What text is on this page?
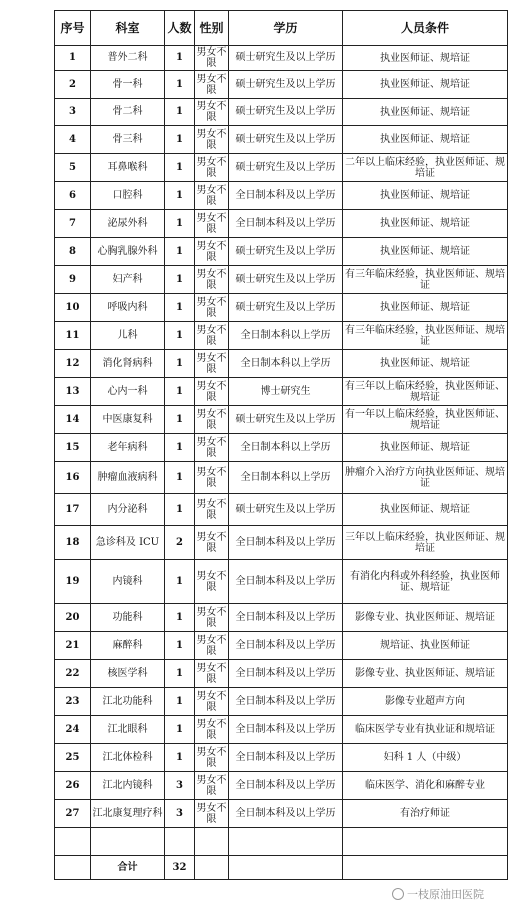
序号	科室	人数	性别	学历	人员条件
1	普外二科	1	男女不限	硕士研究生及以上学历	执业医师证、规培证
2	骨一科	1	男女不限	硕士研究生及以上学历	执业医师证、规培证
3	骨二科	1	男女不限	硕士研究生及以上学历	执业医师证、规培证
4	骨三科	1	男女不限	硕士研究生及以上学历	执业医师证、规培证
5	耳鼻喉科	1	男女不限	硕士研究生及以上学历	二年以上临床经验，执业医师证、规培证
6	口腔科	1	男女不限	全日制本科及以上学历	执业医师证、规培证
7	泌尿外科	1	男女不限	全日制本科及以上学历	执业医师证、规培证
8	心胸乳腺外科	1	男女不限	硕士研究生及以上学历	执业医师证、规培证
9	妇产科	1	男女不限	硕士研究生及以上学历	有三年临床经验，执业医师证、规培证
10	呼吸内科	1	男女不限	硕士研究生及以上学历	执业医师证、规培证
11	儿科	1	男女不限	全日制本科以上学历	有三年临床经验，执业医师证、规培证
12	消化肾病科	1	男女不限	全日制本科以上学历	执业医师证、规培证
13	心内一科	1	男女不限	博士研究生	有三年以上临床经验，执业医师证、规培证
14	中医康复科	1	男女不限	硕士研究生及以上学历	有一年以上临床经验，执业医师证、规培证
15	老年病科	1	男女不限	全日制本科以上学历	执业医师证、规培证
16	肿瘤血液病科	1	男女不限	全日制本科以上学历	肿瘤介入治疗方向执业医师证、规培证
17	内分泌科	1	男女不限	硕士研究生及以上学历	执业医师证、规培证
18	急诊科及 ICU	2	男女不限	全日制本科及以上学历	三年以上临床经验，执业医师证、规培证
19	内镜科	1	男女不限	全日制本科及以上学历	有消化内科或外科经验，执业医师证、规培证
20	功能科	1	男女不限	全日制本科及以上学历	影像专业、执业医师证、规培证
21	麻醉科	1	男女不限	全日制本科及以上学历	规培证、执业医师证
22	核医学科	1	男女不限	全日制本科及以上学历	影像专业、执业医师证、规培证
23	江北功能科	1	男女不限	全日制本科及以上学历	影像专业超声方向
24	江北眼科	1	男女不限	全日制本科及以上学历	临床医学专业有执业证和规培证
25	江北体检科	1	男女不限	全日制本科及以上学历	妇科 1 人（中级）
26	江北内镜科	3	男女不限	全日制本科及以上学历	临床医学、消化和麻醉专业
27	江北康复理疗科	3	男女不限	全日制本科及以上学历	有治疗师证

	合计	32			
一枝原油田医院
